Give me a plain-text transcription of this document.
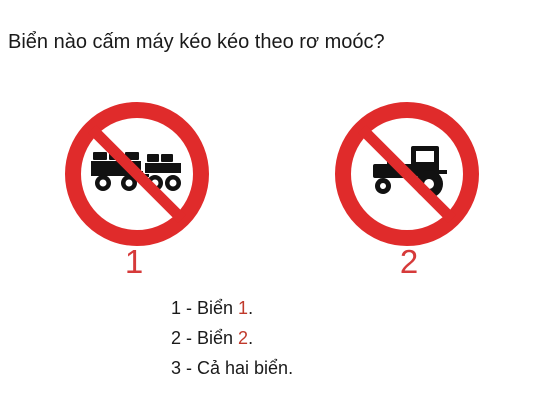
Biển nào cấm máy kéo kéo theo rơ moóc?
1	2
1 - Biển 1.
2 - Biển 2.
3 - Cả hai biển.
